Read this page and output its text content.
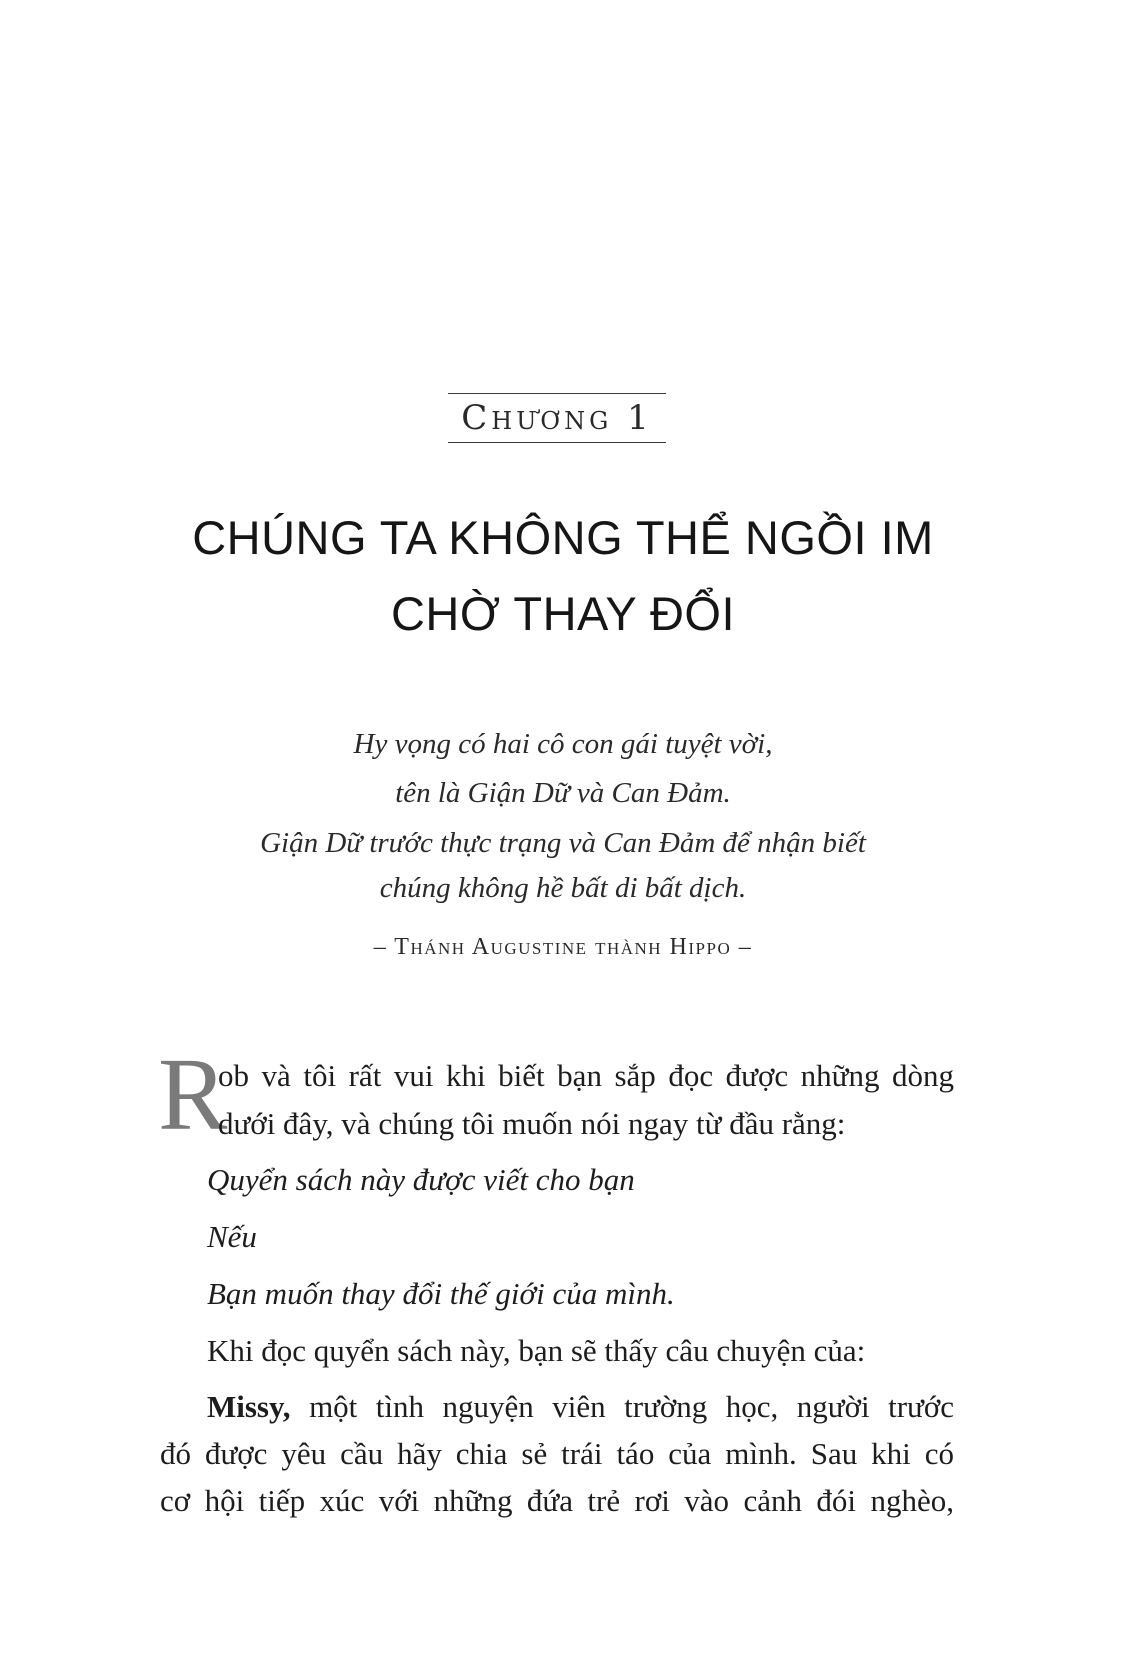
Chương 1
CHÚNG TA KHÔNG THỂ NGỒI IM
CHỜ THAY ĐỔI
Hy vọng có hai cô con gái tuyệt vời,
tên là Giận Dữ và Can Đảm.
Giận Dữ trước thực trạng và Can Đảm để nhận biết
chúng không hề bất di bất dịch.
– Thánh Augustine thành Hippo –
R
ob và tôi rất vui khi biết bạn sắp đọc được những dòng
dưới đây, và chúng tôi muốn nói ngay từ đầu rằng:
Quyển sách này được viết cho bạn
Nếu
Bạn muốn thay đổi thế giới của mình.
Khi đọc quyển sách này, bạn sẽ thấy câu chuyện của:
Missy, một tình nguyện viên trường học, người trước
đó được yêu cầu hãy chia sẻ trái táo của mình. Sau khi có
cơ hội tiếp xúc với những đứa trẻ rơi vào cảnh đói nghèo,
